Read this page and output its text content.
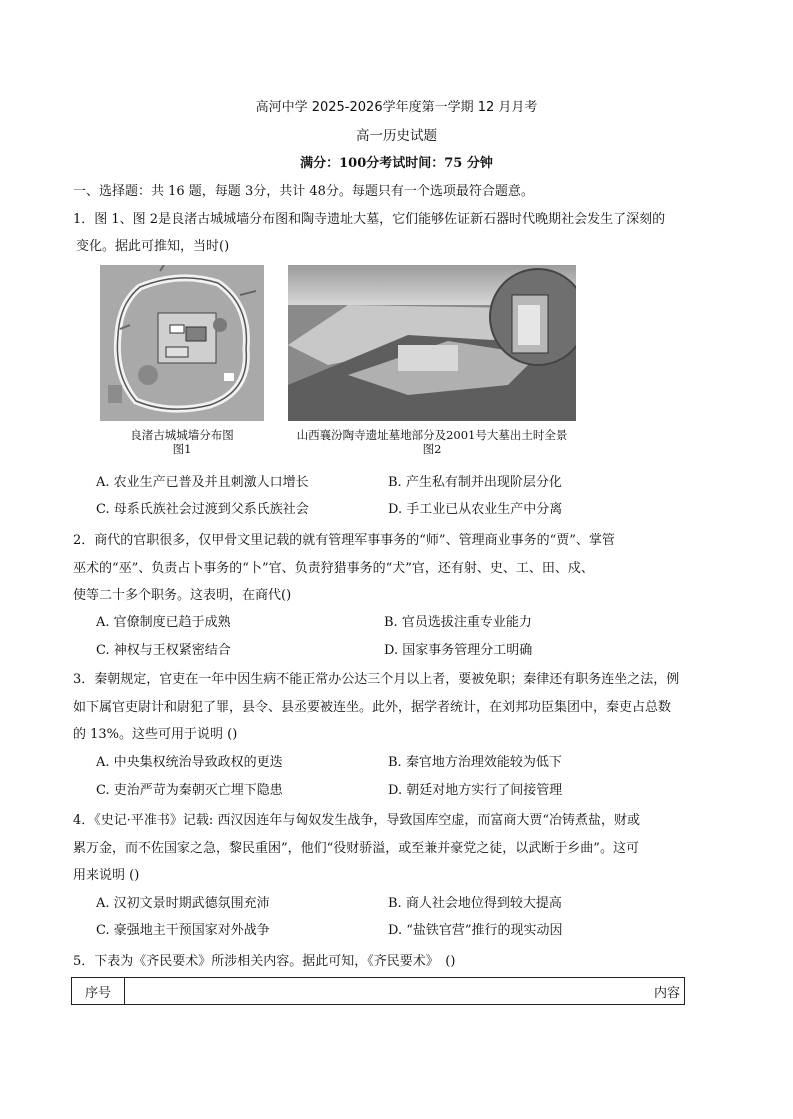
高河中学 2025-2026学年度第一学期 12 月月考
高一历史试题
满分：100分考试时间：75 分钟
一、选择题：共 16 题，每题 3分，共计 48分。每题只有一个选项最符合题意。
1．图 1、图 2是良渚古城城墙分布图和陶寺遗址大墓，它们能够佐证新石器时代晚期社会发生了深刻的
变化。据此可推知，当时()
良渚古城城墙分布图
图1
山西襄汾陶寺遗址墓地部分及2001号大墓出土时全景
图2
A. 农业生产已普及并且刺激人口增长	B. 产生私有制并出现阶层分化
C. 母系氏族社会过渡到父系氏族社会	D. 手工业已从农业生产中分离
2．商代的官职很多，仅甲骨文里记载的就有管理军事事务的“师”、管理商业事务的“贾”、掌管
巫术的“巫”、负责占卜事务的“卜”官、负责狩猎事务的“犬”官，还有射、史、工、田、戍、
使等二十多个职务。这表明，在商代()
A. 官僚制度已趋于成熟	B. 官员选拔注重专业能力
C. 神权与王权紧密结合	D. 国家事务管理分工明确
3．秦朝规定，官吏在一年中因生病不能正常办公达三个月以上者，要被免职；秦律还有职务连坐之法，例
如下属官吏尉计和尉犯了罪，县令、县丞要被连坐。此外，据学者统计，在刘邦功臣集团中，秦吏占总数
的 13%。这些可用于说明 ()
A. 中央集权统治导致政权的更迭	B. 秦官地方治理效能较为低下
C. 吏治严苛为秦朝灭亡埋下隐患	D. 朝廷对地方实行了间接管理
4．《史记·平准书》记载: 西汉因连年与匈奴发生战争，导致国库空虚，而富商大贾“冶铸煮盐，财或
累万金，而不佐国家之急，黎民重困”，他们“役财骄溢，或至兼并豪党之徒，以武断于乡曲”。这可
用来说明 ()
A. 汉初文景时期武德氛围充沛	B. 商人社会地位得到较大提高
C. 豪强地主干预国家对外战争	D. “盐铁官营”推行的现实动因
5．下表为《齐民要术》所涉相关内容。据此可知，《齐民要术》　()
序号	内容
